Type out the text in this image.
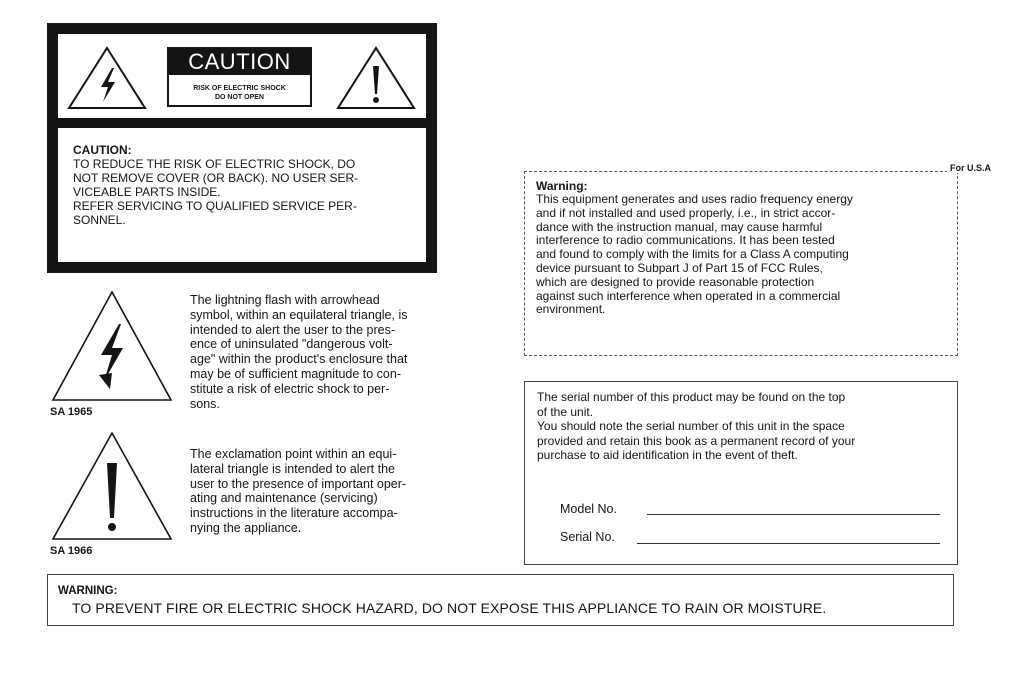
CAUTION
RISK OF ELECTRIC SHOCK
DO NOT OPEN
CAUTION:
TO REDUCE THE RISK OF ELECTRIC SHOCK, DO
NOT REMOVE COVER (OR BACK). NO USER SER-
VICEABLE PARTS INSIDE.
REFER SERVICING TO QUALIFIED SERVICE PER-
SONNEL.
SA 1965
The lightning flash with arrowhead
symbol, within an equilateral triangle, is
intended to alert the user to the pres-
ence of uninsulated "dangerous volt-
age" within the product's enclosure that
may be of sufficient magnitude to con-
stitute a risk of electric shock to per-
sons.
SA 1966
The exclamation point within an equi-
lateral triangle is intended to alert the
user to the presence of important oper-
ating and maintenance (servicing)
instructions in the literature accompa-
nying the appliance.
For U.S.A
Warning:
This equipment generates and uses radio frequency energy
and if not installed and used properly, i.e., in strict accor-
dance with the instruction manual, may cause harmful
interference to radio communications. It has been tested
and found to comply with the limits for a Class A computing
device pursuant to Subpart J of Part 15 of FCC Rules,
which are designed to provide reasonable protection
against such interference when operated in a commercial
environment.
The serial number of this product may be found on the top
of the unit.
You should note the serial number of this unit in the space
provided and retain this book as a permanent record of your
purchase to aid identification in the event of theft.
Model No.
Serial No.
WARNING:
TO PREVENT FIRE OR ELECTRIC SHOCK HAZARD, DO NOT EXPOSE THIS APPLIANCE TO RAIN OR MOISTURE.
